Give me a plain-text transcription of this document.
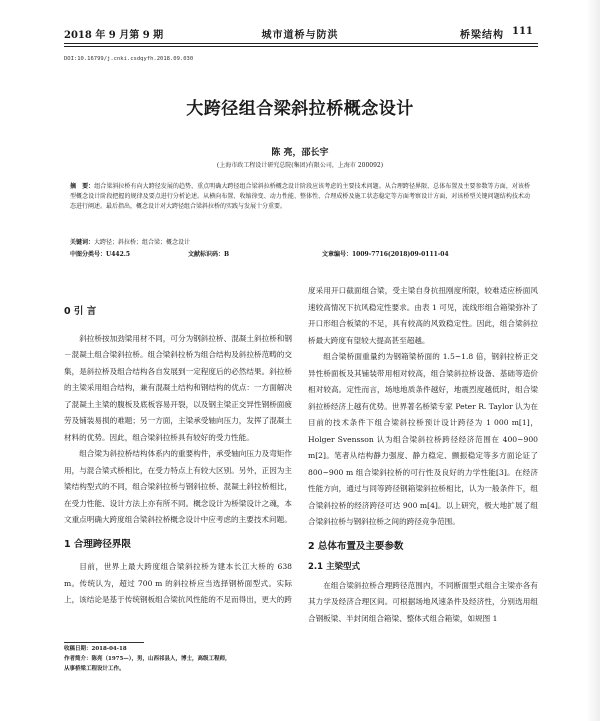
2018 年 9 月第 9 期	城市道桥与防洪	桥梁结构 111
DOI:10.16799/j.cnki.csdqyfh.2018.09.030
大跨径组合梁斜拉桥概念设计
陈 亮，邵长宇
(上海市政工程设计研究总院(集团)有限公司，上海市 200092)
摘　要：组合梁斜拉桥有向大跨径发展的趋势，重点明确大跨径组合梁斜拉桥概念设计阶段应该考虑的主要技术问题。从合理跨径界限、总体布置及主要参数等方面，对该桥型概念设计阶段把握的规律及要点进行分析论述。从横向布置、收缩徐变、动力性能、整体性、合理成桥及施工状态稳定等方面考察设计方面，对该桥型关键问题结构技术动态进行阐述。最后指出，概念设计对大跨径组合梁斜拉桥的实践与发展十分重要。
关键词：大跨径；斜拉桥；组合梁；概念设计
中图分类号：U442.5	文献标识码：B	文章编号：1009-7716(2018)09-0111-04
0 引 言

斜拉桥按加劲梁用材不同，可分为钢斜拉桥、混凝土斜拉桥和钢－混凝土组合梁斜拉桥。组合梁斜拉桥为组合结构及斜拉桥范畴的交集，是斜拉桥及组合结构各自发展到一定程度后的必然结果。斜拉桥的主梁采用组合结构，兼有混凝土结构和钢结构的优点：一方面解决了混凝土主梁的腹板及底板容易开裂，以及钢主梁正交异性钢桥面疲劳及铺装易损的难题；另一方面，主梁承受轴向压力，发挥了混凝土材料的优势。因此，组合梁斜拉桥具有较好的受力性能。

组合梁为斜拉桥结构体系内的重要构件，承受轴向压力及弯矩作用，与混合梁式桥相比，在受力特点上有较大区别。另外，正因为主梁结构型式的不同，组合梁斜拉桥与钢斜拉桥、混凝土斜拉桥相比，在受力性能、设计方法上亦有所不同。概念设计为桥梁设计之魂，本文重点明确大跨度组合梁斜拉桥概念设计中应考虑的主要技术问题。

1 合理跨径界限

目前，世界上最大跨度组合梁斜拉桥为建本长江大桥的 638 m。传统认为，超过 700 m 的斜拉桥应当选择钢桥面型式。实际上，该结论是基于传统钢板组合梁抗风性能的不足而得出，更大的跨

度采用开口截面组合梁，受主梁自身抗扭刚度所限，较难适应桥面风速较高情况下抗风稳定性要求。由表 1 可见，流线形组合箱梁弥补了开口形组合板梁的不足，具有较高的风致稳定性。因此，组合梁斜拉桥最大跨度有望较大提高甚至超越。

组合梁桥面重量约为钢箱梁桥面的 1.5~1.8 倍，钢斜拉桥正交异性桥面板及其铺装带用相对较高，组合梁斜拉桥设备、基础等造价相对较高。定性而言，场地地质条件越好，地震烈度越低时，组合梁斜拉桥经济上越有优势。世界著名桥梁专家 Peter R. Taylor 认为在目前的技术条件下组合梁斜拉桥预计设计跨径为 1 000 m[1]，Holger Svensson 认为组合梁斜拉桥跨径经济范围在 400~900 m[2]。笔者从结构静力强度、静力稳定、颤振稳定等多方面论证了 800~900 m 组合梁斜拉桥的可行性及良好的力学性能[3]。在经济性能方向，通过与同等跨径钢箱梁斜拉桥相比，认为一般条件下，组合梁斜拉桥的经济跨径可达 900 m[4]。以上研究，极大地扩展了组合梁斜拉桥与钢斜拉桥之间的跨径竞争范围。

2 总体布置及主要参数
2.1 主梁型式

在组合梁斜拉桥合理跨径范围内，不同断面型式组合主梁亦各有其力学及经济合理区间。可根据场地风速条件及经济性，分别选用组合钢板梁、半封闭组合箱梁、整体式组合箱梁，如规图 1

收稿日期：2018-04-18
作者简介：陈亮（1975—），男，山西祁县人，博士，高级工程师，
从事桥梁工程设计工作。
